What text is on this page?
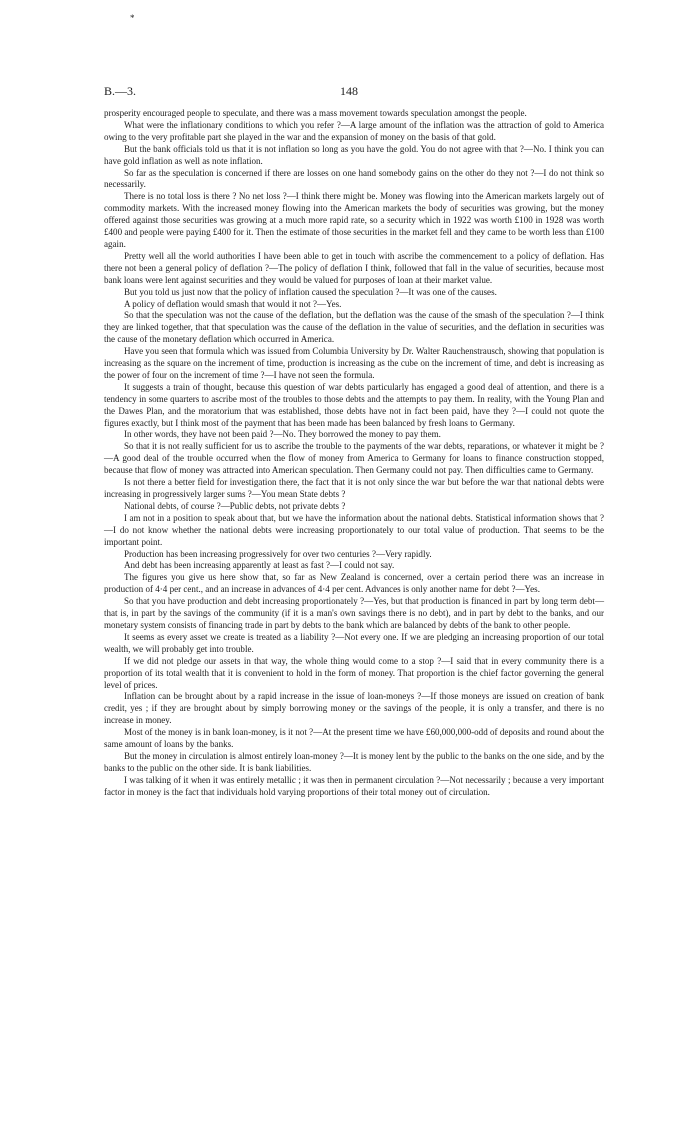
*
B.—3.	148

prosperity encouraged people to speculate, and there was a mass movement towards speculation amongst the people.

What were the inflationary conditions to which you refer ?—A large amount of the inflation was the attraction of gold to America owing to the very profitable part she played in the war and the expansion of money on the basis of that gold.

But the bank officials told us that it is not inflation so long as you have the gold. You do not agree with that ?—No. I think you can have gold inflation as well as note inflation.

So far as the speculation is concerned if there are losses on one hand somebody gains on the other do they not ?—I do not think so necessarily.

There is no total loss is there ? No net loss ?—I think there might be. Money was flowing into the American markets largely out of commodity markets. With the increased money flowing into the American markets the body of securities was growing, but the money offered against those securities was growing at a much more rapid rate, so a security which in 1922 was worth £100 in 1928 was worth £400 and people were paying £400 for it. Then the estimate of those securities in the market fell and they came to be worth less than £100 again.

Pretty well all the world authorities I have been able to get in touch with ascribe the commencement to a policy of deflation. Has there not been a general policy of deflation ?—The policy of deflation I think, followed that fall in the value of securities, because most bank loans were lent against securities and they would be valued for purposes of loan at their market value.

But you told us just now that the policy of inflation caused the speculation ?—It was one of the causes.

A policy of deflation would smash that would it not ?—Yes.

So that the speculation was not the cause of the deflation, but the deflation was the cause of the smash of the speculation ?—I think they are linked together, that that speculation was the cause of the deflation in the value of securities, and the deflation in securities was the cause of the monetary deflation which occurred in America.

Have you seen that formula which was issued from Columbia University by Dr. Walter Rauchenstrausch, showing that population is increasing as the square on the increment of time, production is increasing as the cube on the increment of time, and debt is increasing as the power of four on the increment of time ?—I have not seen the formula.

It suggests a train of thought, because this question of war debts particularly has engaged a good deal of attention, and there is a tendency in some quarters to ascribe most of the troubles to those debts and the attempts to pay them. In reality, with the Young Plan and the Dawes Plan, and the moratorium that was established, those debts have not in fact been paid, have they ?—I could not quote the figures exactly, but I think most of the payment that has been made has been balanced by fresh loans to Germany.

In other words, they have not been paid ?—No. They borrowed the money to pay them.

So that it is not really sufficient for us to ascribe the trouble to the payments of the war debts, reparations, or whatever it might be ?—A good deal of the trouble occurred when the flow of money from America to Germany for loans to finance construction stopped, because that flow of money was attracted into American speculation. Then Germany could not pay. Then difficulties came to Germany.

Is not there a better field for investigation there, the fact that it is not only since the war but before the war that national debts were increasing in progressively larger sums ?—You mean State debts ?

National debts, of course ?—Public debts, not private debts ?

I am not in a position to speak about that, but we have the information about the national debts. Statistical information shows that ?—I do not know whether the national debts were increasing proportionately to our total value of production. That seems to be the important point.

Production has been increasing progressively for over two centuries ?—Very rapidly.

And debt has been increasing apparently at least as fast ?—I could not say.

The figures you give us here show that, so far as New Zealand is concerned, over a certain period there was an increase in production of 4·4 per cent., and an increase in advances of 4·4 per cent. Advances is only another name for debt ?—Yes.

So that you have production and debt increasing proportionately ?—Yes, but that production is financed in part by long term debt—that is, in part by the savings of the community (if it is a man's own savings there is no debt), and in part by debt to the banks, and our monetary system consists of financing trade in part by debts to the bank which are balanced by debts of the bank to other people.

It seems as every asset we create is treated as a liability ?—Not every one. If we are pledging an increasing proportion of our total wealth, we will probably get into trouble.

If we did not pledge our assets in that way, the whole thing would come to a stop ?—I said that in every community there is a proportion of its total wealth that it is convenient to hold in the form of money. That proportion is the chief factor governing the general level of prices.

Inflation can be brought about by a rapid increase in the issue of loan-moneys ?—If those moneys are issued on creation of bank credit, yes ; if they are brought about by simply borrowing money or the savings of the people, it is only a transfer, and there is no increase in money.

Most of the money is in bank loan-money, is it not ?—At the present time we have £60,000,000-odd of deposits and round about the same amount of loans by the banks.

But the money in circulation is almost entirely loan-money ?—It is money lent by the public to the banks on the one side, and by the banks to the public on the other side. It is bank liabilities.

I was talking of it when it was entirely metallic ; it was then in permanent circulation ?—Not necessarily ; because a very important factor in money is the fact that individuals hold varying proportions of their total money out of circulation.
